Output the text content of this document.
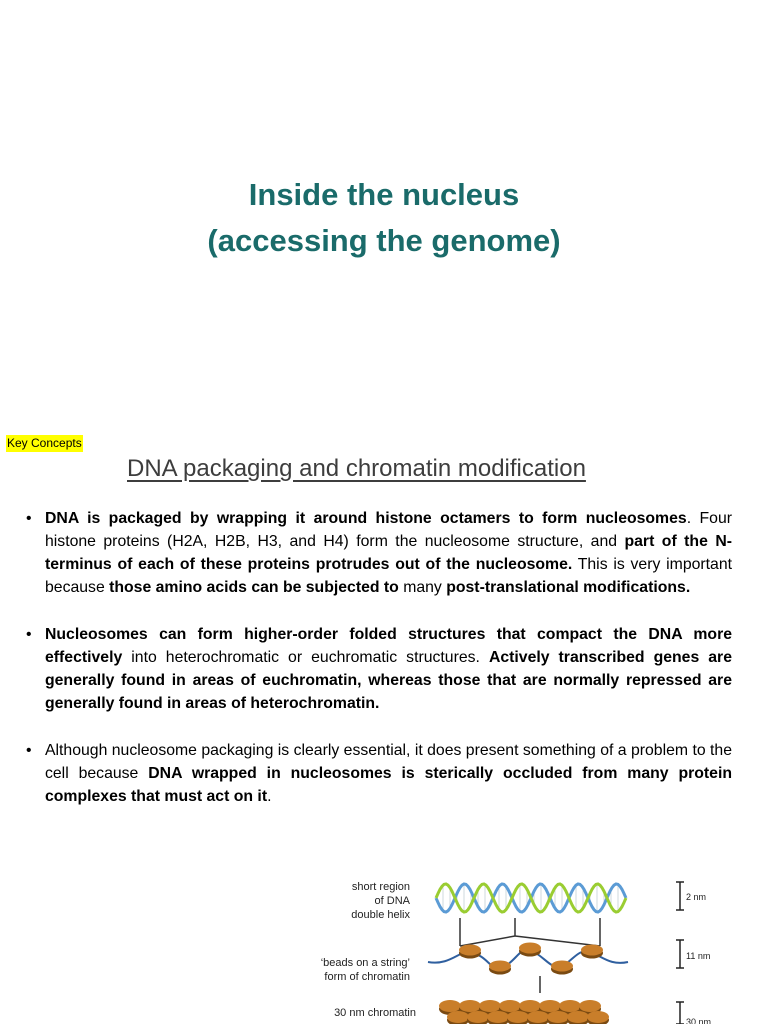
Inside the nucleus
(accessing the genome)
Key Concepts
DNA packaging and chromatin modification
• DNA is packaged by wrapping it around histone octamers to form nucleosomes. Four histone proteins (H2A, H2B, H3, and H4) form the nucleosome structure, and part of the N-terminus of each of these proteins protrudes out of the nucleosome. This is very important because those amino acids can be subjected to many post-translational modifications.
• Nucleosomes can form higher-order folded structures that compact the DNA more effectively into heterochromatic or euchromatic structures. Actively transcribed genes are generally found in areas of euchromatin, whereas those that are normally repressed are generally found in areas of heterochromatin.
• Although nucleosome packaging is clearly essential, it does present something of a problem to the cell because DNA wrapped in nucleosomes is sterically occluded from many protein complexes that must act on it.
short region
of DNA
double helix
‘beads on a string’
form of chromatin
30 nm chromatin
2 nm
11 nm
30 nm
